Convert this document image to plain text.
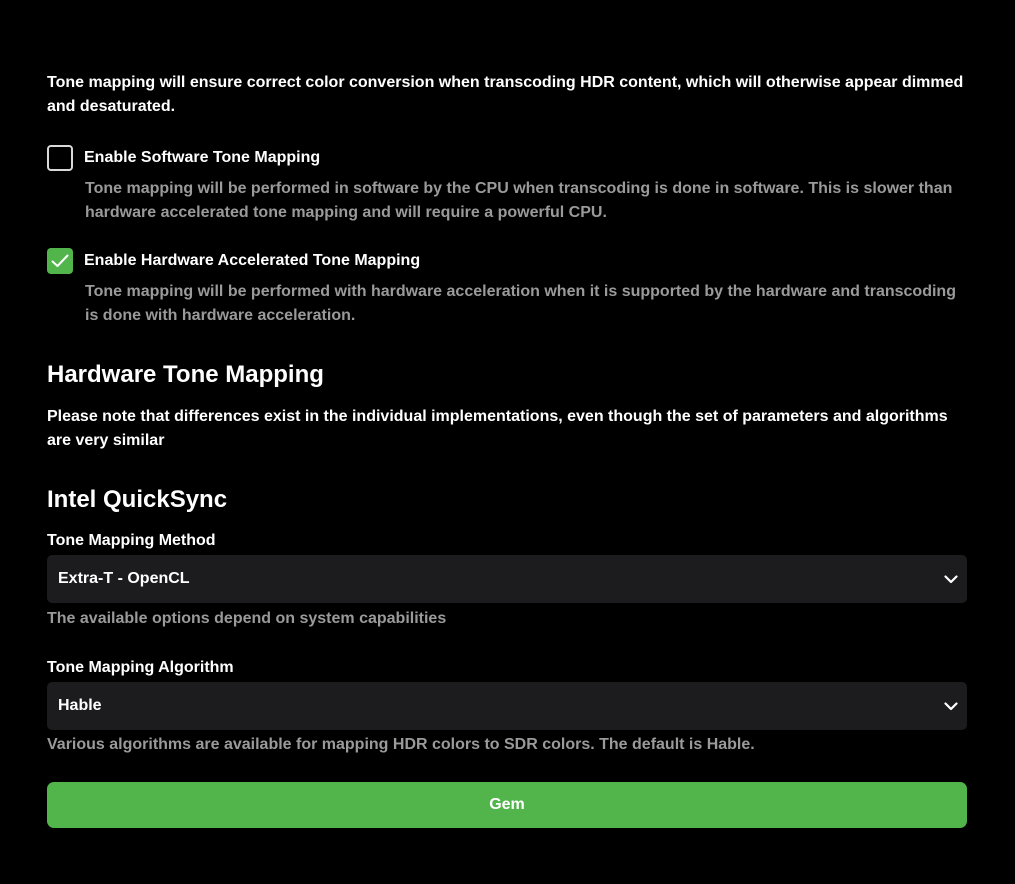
Tone mapping will ensure correct color conversion when transcoding HDR content, which will otherwise appear dimmed and desaturated.
Enable Software Tone Mapping
Tone mapping will be performed in software by the CPU when transcoding is done in software. This is slower than hardware accelerated tone mapping and will require a powerful CPU.
Enable Hardware Accelerated Tone Mapping
Tone mapping will be performed with hardware acceleration when it is supported by the hardware and transcoding is done with hardware acceleration.
Hardware Tone Mapping
Please note that differences exist in the individual implementations, even though the set of parameters and algorithms are very similar
Intel QuickSync
Tone Mapping Method
Extra-T - OpenCL
The available options depend on system capabilities
Tone Mapping Algorithm
Hable
Various algorithms are available for mapping HDR colors to SDR colors. The default is Hable.
Gem
